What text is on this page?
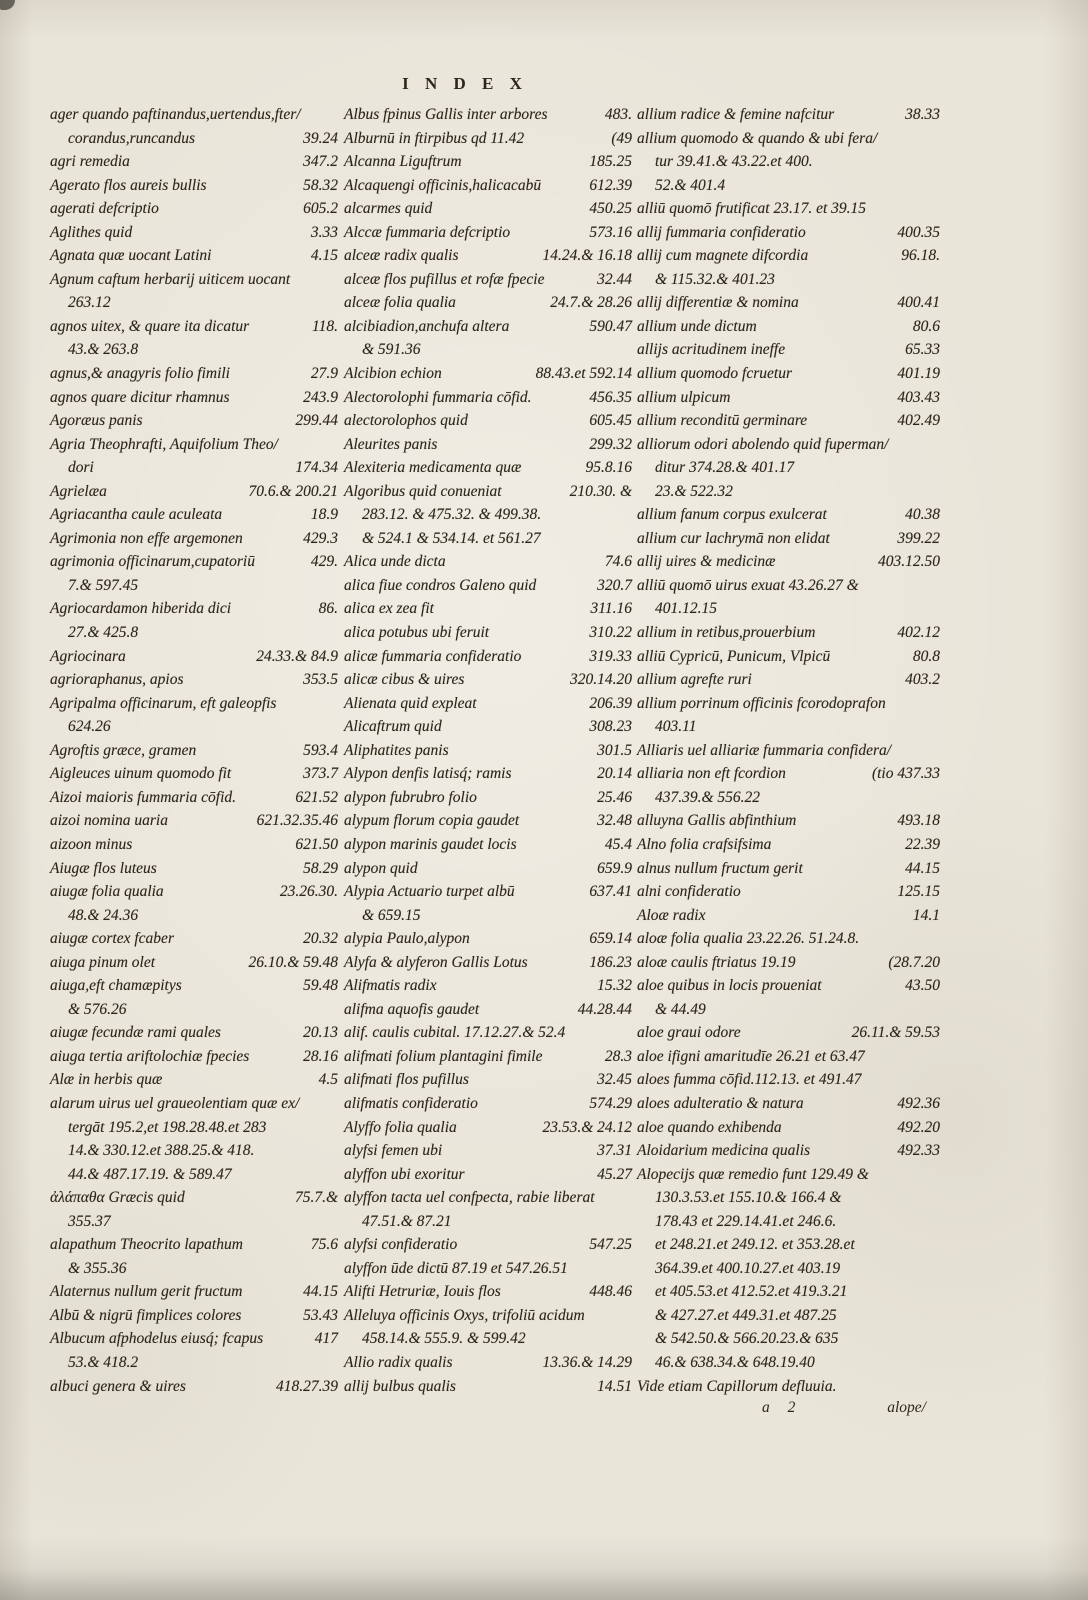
I N D E X
ager quando paftinandus,uertendus,fter/
corandus,runcandus	39.24
agri remedia	347.2
Agerato flos aureis bullis	58.32
agerati defcriptio	605.2
Aglithes quid	3.33
Agnata quæ uocant Latini	4.15
Agnum caftum herbarij uiticem uocant
263.12
agnos uitex, & quare ita dicatur	118.
43.& 263.8
agnus,& anagyris folio fimili	27.9
agnos quare dicitur rhamnus	243.9
Agoræus panis	299.44
Agria Theophrafti, Aquifolium Theo/
dori	174.34
Agrielæa	70.6.& 200.21
Agriacantha caule aculeata	18.9
Agrimonia non effe argemonen	429.3
agrimonia officinarum,cupatoriū	429.
7.& 597.45
Agriocardamon hiberida dici	86.
27.& 425.8
Agriocinara	24.33.& 84.9
agrioraphanus, apios	353.5
Agripalma officinarum, eft galeopfis
624.26
Agroftis græce, gramen	593.4
Aigleuces uinum quomodo fit	373.7
Aizoi maioris fummaria cōfid.	621.52
aizoi nomina uaria	621.32.35.46
aizoon minus	621.50
Aiugæ flos luteus	58.29
aiugæ folia qualia	23.26.30.
48.& 24.36
aiugæ cortex fcaber	20.32
aiuga pinum olet	26.10.& 59.48
aiuga,eft chamæpitys	59.48
& 576.26
aiugæ fecundæ rami quales	20.13
aiuga tertia ariftolochiæ fpecies	28.16
Alæ in herbis quæ	4.5
alarum uirus uel graueolentiam quæ ex/
tergāt 195.2,et 198.28.48.et 283
14.& 330.12.et 388.25.& 418.
44.& 487.17.19. & 589.47
ἀλάπαθα Græcis quid	75.7.&
355.37
alapathum Theocrito lapathum	75.6
& 355.36
Alaternus nullum gerit fructum	44.15
Albū & nigrū fimplices colores	53.43
Albucum afphodelus eiusq́; fcapus	417
53.& 418.2
albuci genera & uires	418.27.39
Albus fpinus Gallis inter arbores	483.
Alburnū in ftirpibus qd 11.42	(49
Alcanna Liguftrum	185.25
Alcaquengi officinis,halicacabū	612.39
alcarmes quid	450.25
Alccæ fummaria defcriptio	573.16
alceæ radix qualis	14.24.& 16.18
alceæ flos pufillus et rofæ fpecie	32.44
alceæ folia qualia	24.7.& 28.26
alcibiadion,anchufa altera	590.47
& 591.36
Alcibion echion	88.43.et 592.14
Alectorolophi fummaria cōfid.	456.35
alectorolophos quid	605.45
Aleurites panis	299.32
Alexiteria medicamenta quæ	95.8.16
Algoribus quid conueniat	210.30. &
283.12. & 475.32. & 499.38.
& 524.1 & 534.14. et 561.27
Alica unde dicta	74.6
alica fiue condros Galeno quid	320.7
alica ex zea fit	311.16
alica potubus ubi feruit	310.22
alicæ fummaria confideratio	319.33
alicæ cibus & uires	320.14.20
Alienata quid expleat	206.39
Alicaftrum quid	308.23
Aliphatites panis	301.5
Alypon denfis latisq́; ramis	20.14
alypon fubrubro folio	25.46
alypum florum copia gaudet	32.48
alypon marinis gaudet locis	45.4
alypon quid	659.9
Alypia Actuario turpet albū	637.41
& 659.15
alypia Paulo,alypon	659.14
Alyfa & alyferon Gallis Lotus	186.23
Alifmatis radix	15.32
alifma aquofis gaudet	44.28.44
alif. caulis cubital. 17.12.27.& 52.4
alifmati folium plantagini fimile	28.3
alifmati flos pufillus	32.45
alifmatis confideratio	574.29
Alyffo folia qualia	23.53.& 24.12
alyfsi femen ubi	37.31
alyffon ubi exoritur	45.27
alyffon tacta uel confpecta, rabie liberat
47.51.& 87.21
alyfsi confideratio	547.25
alyffon ūde dictū 87.19 et 547.26.51
Alifti Hetruriæ, Iouis flos	448.46
Alleluya officinis Oxys, trifoliū acidum
458.14.& 555.9. & 599.42
Allio radix qualis	13.36.& 14.29
allij bulbus qualis	14.51
allium radice & femine nafcitur	38.33
allium quomodo & quando & ubi fera/
tur 39.41.& 43.22.et 400.
52.& 401.4
alliū quomō frutificat 23.17. et 39.15
allij fummaria confideratio	400.35
allij cum magnete difcordia	96.18.
& 115.32.& 401.23
allij differentiæ & nomina	400.41
allium unde dictum	80.6
allijs acritudinem ineffe	65.33
allium quomodo fcruetur	401.19
allium ulpicum	403.43
allium reconditū germinare	402.49
alliorum odori abolendo quid fuperman/
ditur 374.28.& 401.17
23.& 522.32
allium fanum corpus exulcerat	40.38
allium cur lachrymā non elidat	399.22
allij uires & medicinæ	403.12.50
alliū quomō uirus exuat 43.26.27 &
401.12.15
allium in retibus,prouerbium	402.12
alliū Cypricū, Punicum, Vlpicū	80.8
allium agrefte ruri	403.2
allium porrinum officinis fcorodoprafon
403.11
Alliaris uel alliariæ fummaria confidera/
alliaria non eft fcordion	(tio 437.33
437.39.& 556.22
alluyna Gallis abfinthium	493.18
Alno folia crafsifsima	22.39
alnus nullum fructum gerit	44.15
alni confideratio	125.15
Aloæ radix	14.1
aloæ folia qualia 23.22.26. 51.24.8.
aloæ caulis ftriatus 19.19	(28.7.20
aloe quibus in locis proueniat	43.50
& 44.49
aloe graui odore	26.11.& 59.53
aloe ifigni amaritudīe 26.21 et 63.47
aloes fumma cōfid.112.13. et 491.47
aloes adulteratio & natura	492.36
aloe quando exhibenda	492.20
Aloidarium medicina qualis	492.33
Alopecijs quæ remedio funt 129.49 &
130.3.53.et 155.10.& 166.4 &
178.43 et 229.14.41.et 246.6.
et 248.21.et 249.12. et 353.28.et
364.39.et 400.10.27.et 403.19
et 405.53.et 412.52.et 419.3.21
& 427.27.et 449.31.et 487.25
& 542.50.& 566.20.23.& 635
46.& 638.34.& 648.19.40
Vide etiam Capillorum defluuia.
a 2	alope/
